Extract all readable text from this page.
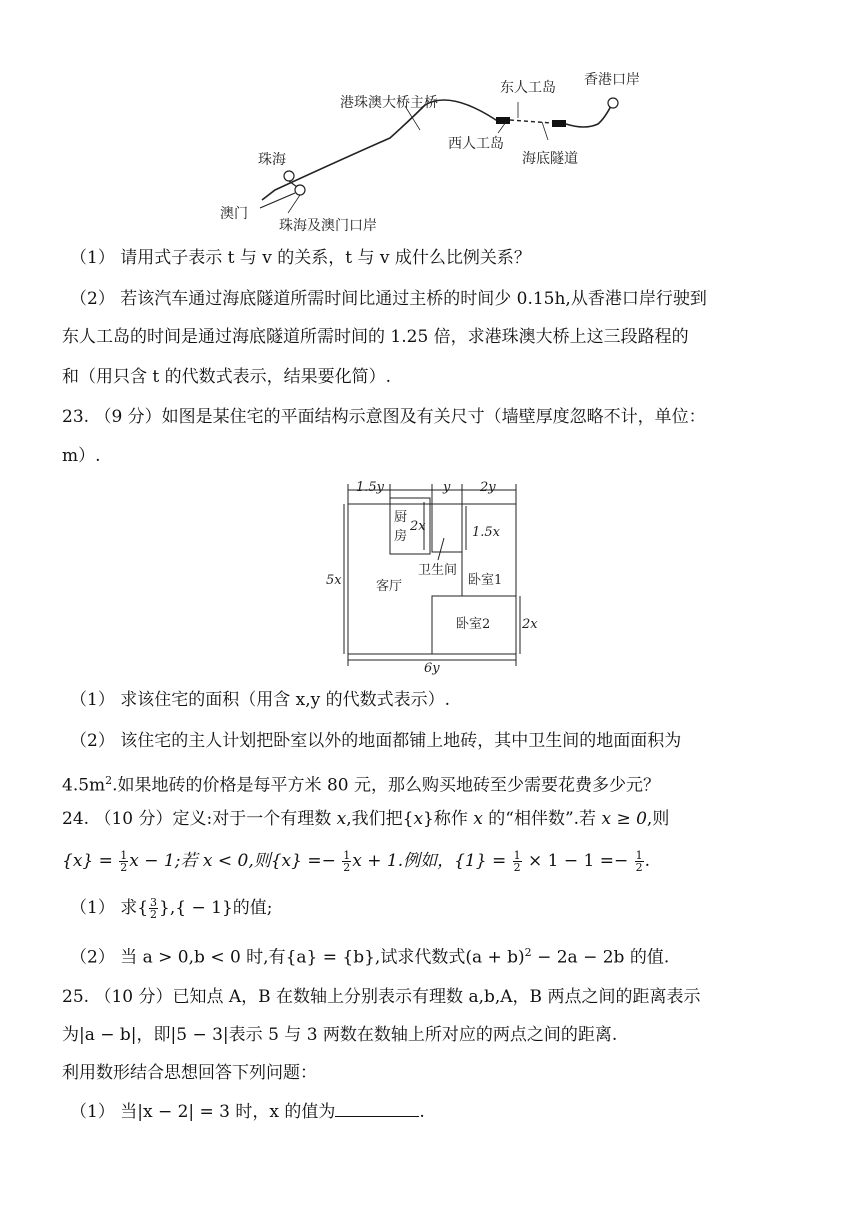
港珠澳大桥主桥
东人工岛 香港口岸
西人工岛
海底隧道
珠海
澳门
珠海及澳门口岸
（1） 请用式子表示 t 与 v 的关系，t 与 v 成什么比例关系？
（2） 若该汽车通过海底隧道所需时间比通过主桥的时间少 0.15h,从香港口岸行驶到
东人工岛的时间是通过海底隧道所需时间的 1.25 倍，求港珠澳大桥上这三段路程的
和（用只含 t 的代数式表示，结果要化简）.
23. （9 分）如图是某住宅的平面结构示意图及有关尺寸（墙壁厚度忽略不计，单位：
m）.
1.5y	y 2y
5x
6y
2x	1.5x
2x
厨
房
卫生间
客厅	卧室1
卧室2
（1） 求该住宅的面积（用含 x,y 的代数式表示）.
（2） 该住宅的主人计划把卧室以外的地面都铺上地砖，其中卫生间的地面面积为
$4.5m^2$.如果地砖的价格是每平方米 80 元，那么购买地砖至少需要花费多少元？
24. （10 分）定义:对于一个有理数 x,我们把{x}称作 x 的“相伴数”.若 x ≥ 0,则
$\{x\} = \frac{1}{2}$ x − 1;若 x < 0,则$\{x\} =- \frac{1}{2}$ x + 1.例如，$\{1\} = \frac{1}{2} \times 1 - 1 =- \frac{1}{2}$ .
（1） 求{ $\frac{3}{2}$ },{ − 1}的值;
（2） 当 a > 0,b < 0 时,有{a} = {b},试求代数式$(a + b)^2 - 2a - 2b$ 的值.
25. （10 分）已知点 A，B 在数轴上分别表示有理数 a,b,A，B 两点之间的距离表示
为|a − b|，即|5 − 3|表示 5 与 3 两数在数轴上所对应的两点之间的距离.
利用数形结合思想回答下列问题：
（1） 当|x − 2| = 3 时，x 的值为	.
